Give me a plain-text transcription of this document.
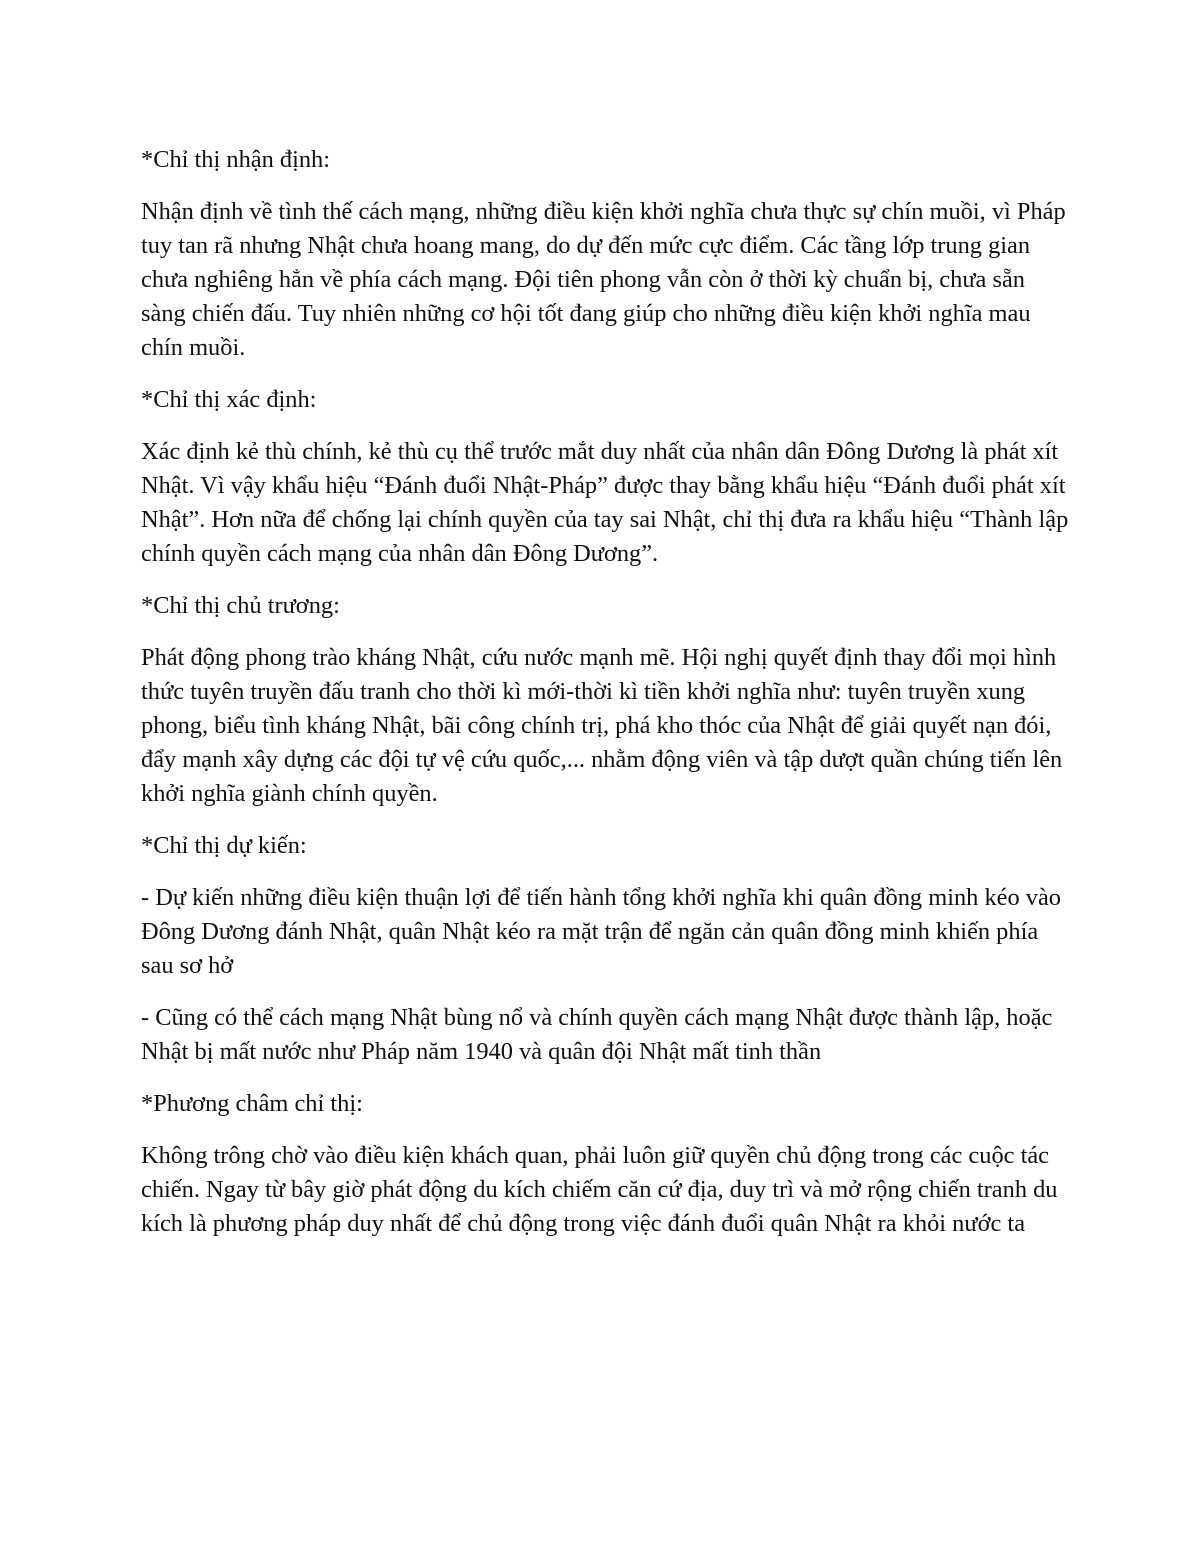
*Chỉ thị nhận định:

Nhận định về tình thế cách mạng, những điều kiện khởi nghĩa chưa thực sự chín muồi, vì Pháp tuy tan rã nhưng Nhật chưa hoang mang, do dự đến mức cực điểm. Các tầng lớp trung gian chưa nghiêng hẳn về phía cách mạng. Đội tiên phong vẫn còn ở thời kỳ chuẩn bị, chưa sẵn sàng chiến đấu. Tuy nhiên những cơ hội tốt đang giúp cho những điều kiện khởi nghĩa mau chín muồi.

*Chỉ thị xác định:

Xác định kẻ thù chính, kẻ thù cụ thể trước mắt duy nhất của nhân dân Đông Dương là phát xít Nhật. Vì vậy khẩu hiệu “Đánh đuổi Nhật-Pháp” được thay bằng khẩu hiệu “Đánh đuổi phát xít Nhật”. Hơn nữa để chống lại chính quyền của tay sai Nhật, chỉ thị đưa ra khẩu hiệu “Thành lập chính quyền cách mạng của nhân dân Đông Dương”.

*Chỉ thị chủ trương:

Phát động phong trào kháng Nhật, cứu nước mạnh mẽ. Hội nghị quyết định thay đổi mọi hình thức tuyên truyền đấu tranh cho thời kì mới-thời kì tiền khởi nghĩa như: tuyên truyền xung phong, biểu tình kháng Nhật, bãi công chính trị, phá kho thóc của Nhật để giải quyết nạn đói, đẩy mạnh xây dựng các đội tự vệ cứu quốc,... nhằm động viên và tập dượt quần chúng tiến lên khởi nghĩa giành chính quyền.

*Chỉ thị dự kiến:

- Dự kiến những điều kiện thuận lợi để tiến hành tổng khởi nghĩa khi quân đồng minh kéo vào Đông Dương đánh Nhật, quân Nhật kéo ra mặt trận để ngăn cản quân đồng minh khiến phía sau sơ hở

- Cũng có thể cách mạng Nhật bùng nổ và chính quyền cách mạng Nhật được thành lập, hoặc Nhật bị mất nước như Pháp năm 1940 và quân đội Nhật mất tinh thần

*Phương châm chỉ thị:

Không trông chờ vào điều kiện khách quan, phải luôn giữ quyền chủ động trong các cuộc tác chiến. Ngay từ bây giờ phát động du kích chiếm căn cứ địa, duy trì và mở rộng chiến tranh du kích là phương pháp duy nhất để chủ động trong việc đánh đuổi quân Nhật ra khỏi nước ta
